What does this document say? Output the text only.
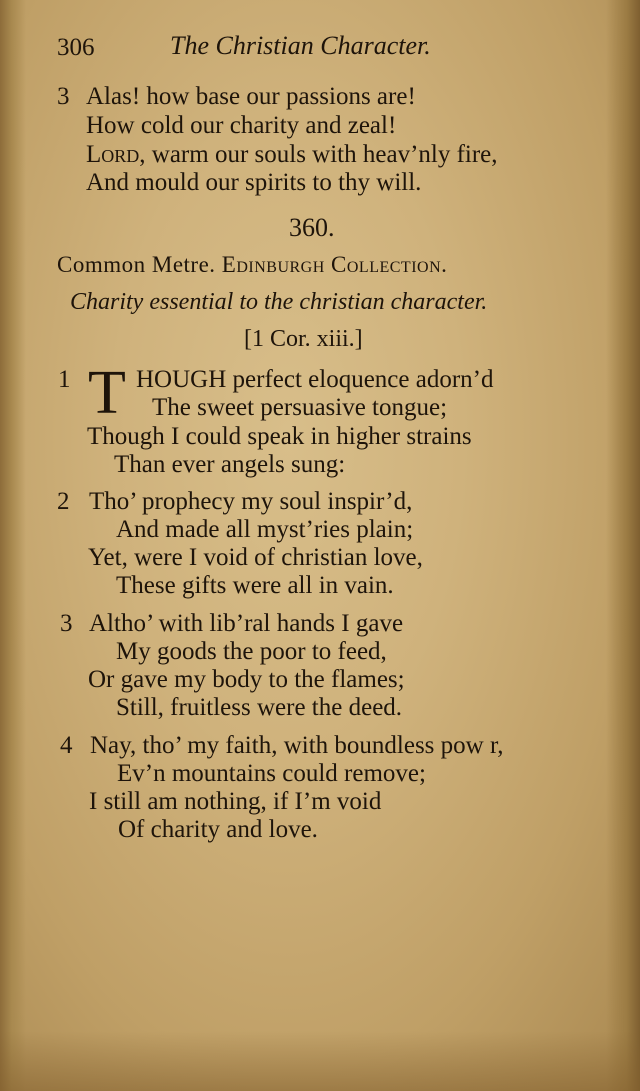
306	The Christian Character.
3 Alas! how base our passions are!
How cold our charity and zeal!
Lord, warm our souls with heav’nly fire,
And mould our spirits to thy will.
360.
Common Metre. Edinburgh Collection.
Charity essential to the christian character.
[1 Cor. xiii.]
1 T HOUGH perfect eloquence adorn’d
The sweet persuasive tongue;
Though I could speak in higher strains
Than ever angels sung:
2 Tho’ prophecy my soul inspir’d,
And made all myst’ries plain;
Yet, were I void of christian love,
These gifts were all in vain.
3 Altho’ with lib’ral hands I gave
My goods the poor to feed,
Or gave my body to the flames;
Still, fruitless were the deed.
4 Nay, tho’ my faith, with boundless pow r,
Ev’n mountains could remove;
I still am nothing, if I’m void
Of charity and love.
